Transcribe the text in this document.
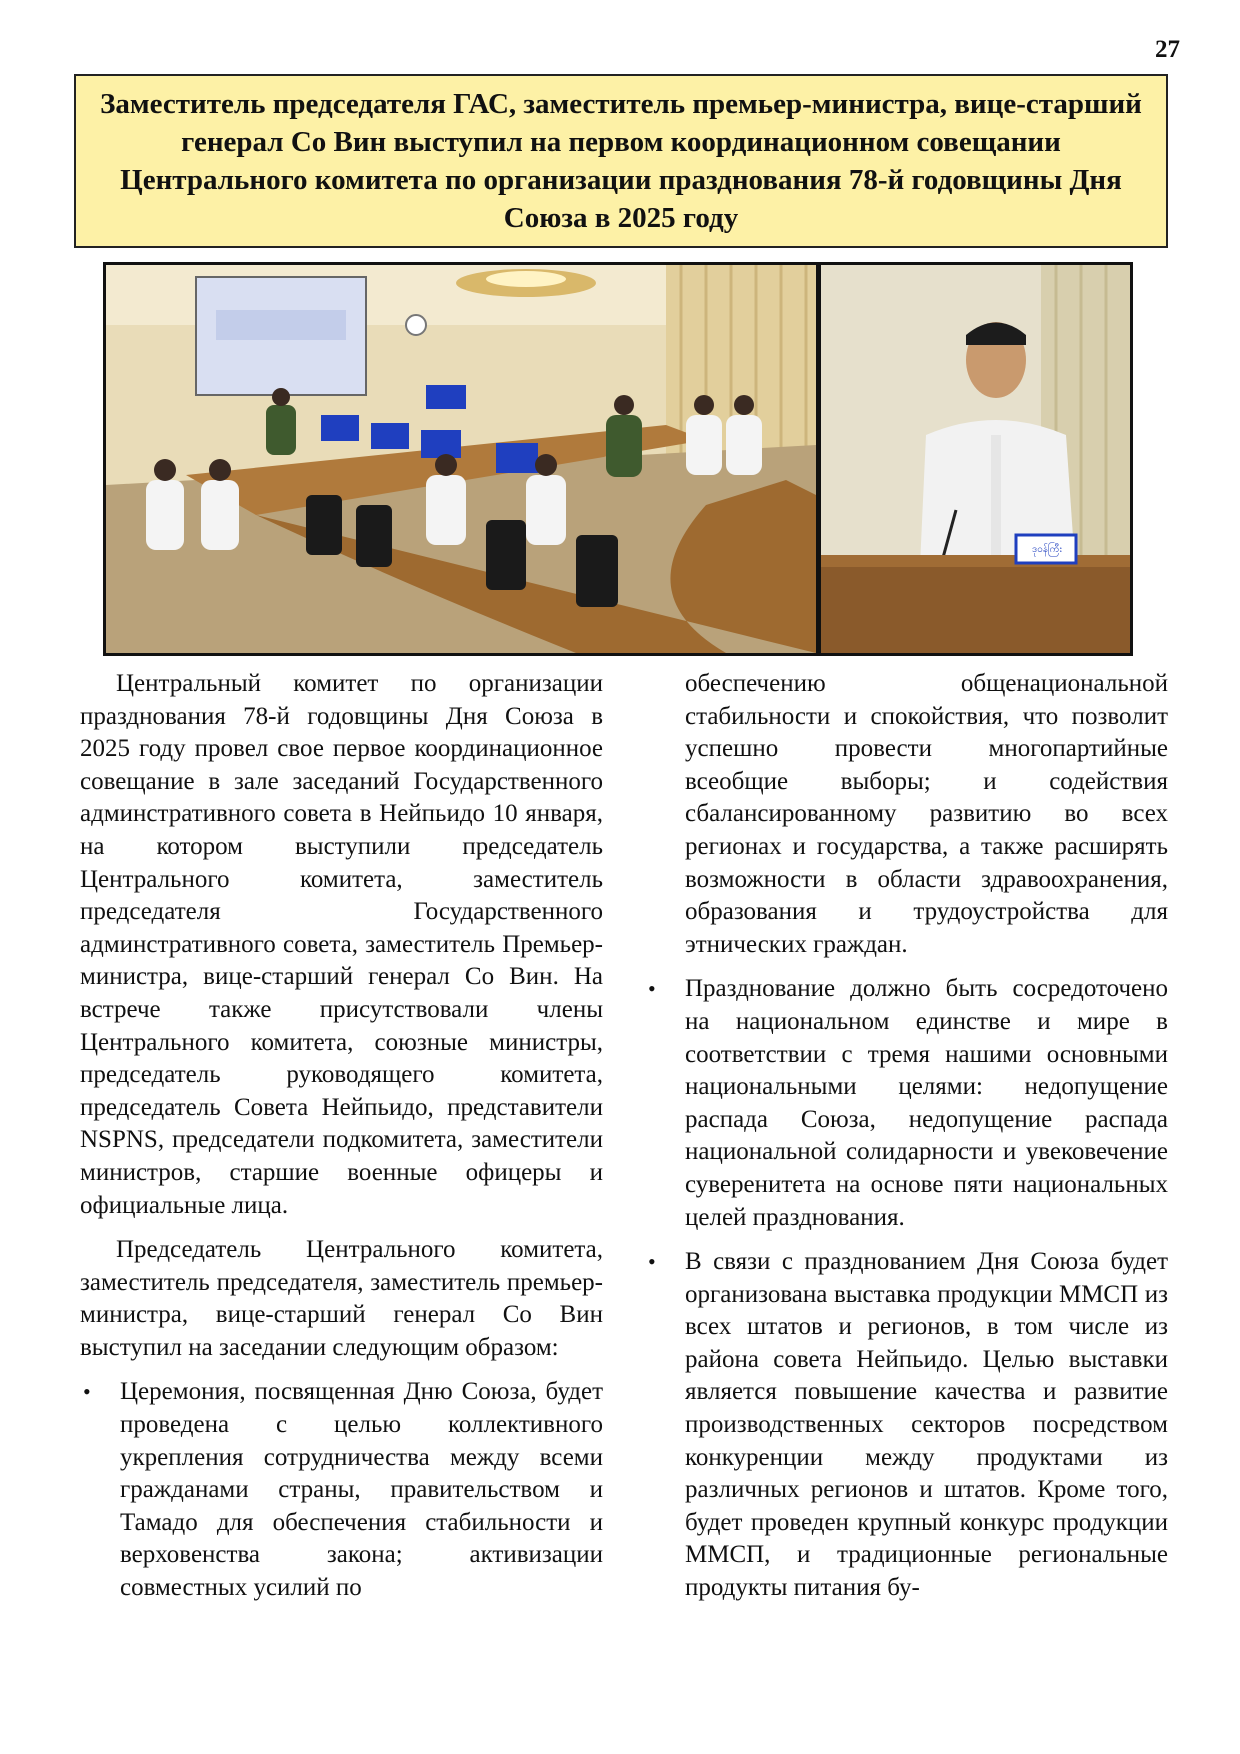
27
Заместитель председателя ГАС, заместитель премьер-министра, вице-старший генерал Со Вин выступил на первом координационном совещании Центрального комитета по организации празднования 78-й годовщины Дня Союза в 2025 году
ဒုဝန်ကြီး

Центральный комитет по организации празднования 78-й годовщины Дня Союза в 2025 году провел свое первое координационное совещание в зале заседаний Государственного админстративного совета в Нейпьидо 10 января, на котором выступили председатель Центрального комитета, заместитель председателя Государственного админстративного совета, заместитель Премьер-министра, вице-старший генерал Со Вин. На встрече также присутствовали члены Центрального комитета, союзные министры, председатель руководящего комитета, председатель Совета Нейпьидо, представители NSPNS, председатели подкомитета, заместители министров, старшие военные офицеры и официальные лица.

Председатель Центрального комитета, заместитель председателя, заместитель премьер-министра, вице-старший генерал Со Вин выступил на заседании следующим образом:

•	Церемония, посвященная Дню Союза, будет проведена с целью коллективного укрепления сотрудничества между всеми гражданами страны, правительством и Тамадо для обеспечения стабильности и верховенства закона; активизации совместных усилий по

обеспечению общенациональной стабильности и спокойствия, что позволит успешно провести многопартийные всеобщие выборы; и содействия сбалансированному развитию во всех регионах и государства, а также расширять возможности в области здравоохранения, образования и трудоустройства для этнических граждан.

•	Празднование должно быть сосредоточено на национальном единстве и мире в соответствии с тремя нашими основными национальными целями: недопущение распада Союза, недопущение распада национальной солидарности и увековечение суверенитета на основе пяти национальных целей празднования.
•	В связи с празднованием Дня Союза будет организована выставка продукции ММСП из всех штатов и регионов, в том числе из района совета Нейпьидо. Целью выставки является повышение качества и развитие производственных секторов посредством конкуренции между продуктами из различных регионов и штатов. Кроме того, будет проведен крупный конкурс продукции ММСП, и традиционные региональные продукты питания бу-
